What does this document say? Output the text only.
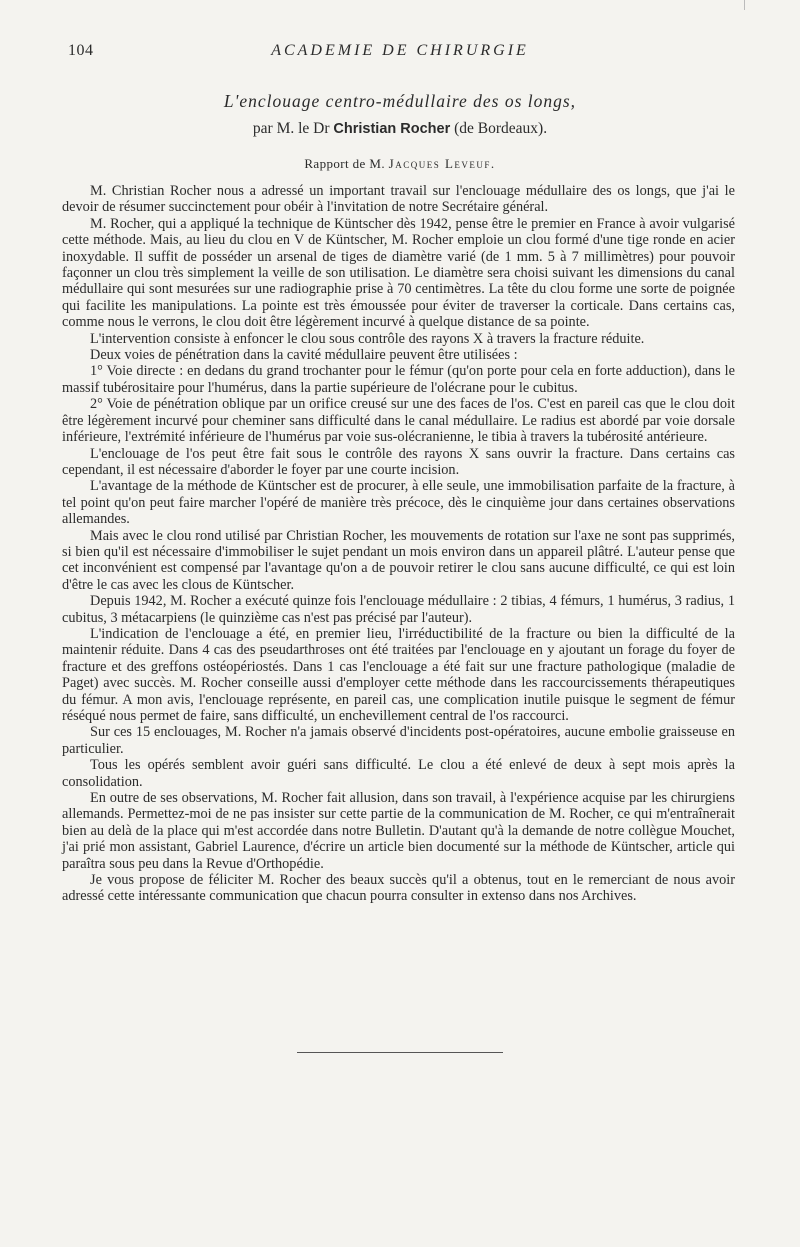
104	ACADEMIE DE CHIRURGIE
L'enclouage centro-médullaire des os longs,
par M. le Dr Christian Rocher (de Bordeaux).
Rapport de M. Jacques Leveuf.

M. Christian Rocher nous a adressé un important travail sur l'enclouage médullaire des os longs, que j'ai le devoir de résumer succinctement pour obéir à l'invitation de notre Secrétaire général.

M. Rocher, qui a appliqué la technique de Küntscher dès 1942, pense être le premier en France à avoir vulgarisé cette méthode. Mais, au lieu du clou en V de Küntscher, M. Rocher emploie un clou formé d'une tige ronde en acier inoxydable. Il suffit de posséder un arsenal de tiges de diamètre varié (de 1 mm. 5 à 7 millimètres) pour pouvoir façonner un clou très simplement la veille de son utilisation. Le diamètre sera choisi suivant les dimensions du canal médullaire qui sont mesurées sur une radiographie prise à 70 centimètres. La tête du clou forme une sorte de poignée qui facilite les manipulations. La pointe est très émoussée pour éviter de traverser la corticale. Dans certains cas, comme nous le verrons, le clou doit être légèrement incurvé à quelque distance de sa pointe.

L'intervention consiste à enfoncer le clou sous contrôle des rayons X à travers la fracture réduite.

Deux voies de pénétration dans la cavité médullaire peuvent être utilisées :

1° Voie directe : en dedans du grand trochanter pour le fémur (qu'on porte pour cela en forte adduction), dans le massif tubérositaire pour l'humérus, dans la partie supérieure de l'olécrane pour le cubitus.

2° Voie de pénétration oblique par un orifice creusé sur une des faces de l'os. C'est en pareil cas que le clou doit être légèrement incurvé pour cheminer sans difficulté dans le canal médullaire. Le radius est abordé par voie dorsale inférieure, l'extrémité inférieure de l'humérus par voie sus-olécranienne, le tibia à travers la tubérosité antérieure.

L'enclouage de l'os peut être fait sous le contrôle des rayons X sans ouvrir la fracture. Dans certains cas cependant, il est nécessaire d'aborder le foyer par une courte incision.

L'avantage de la méthode de Küntscher est de procurer, à elle seule, une immobilisation parfaite de la fracture, à tel point qu'on peut faire marcher l'opéré de manière très précoce, dès le cinquième jour dans certaines observations allemandes.

Mais avec le clou rond utilisé par Christian Rocher, les mouvements de rotation sur l'axe ne sont pas supprimés, si bien qu'il est nécessaire d'immobiliser le sujet pendant un mois environ dans un appareil plâtré. L'auteur pense que cet inconvénient est compensé par l'avantage qu'on a de pouvoir retirer le clou sans aucune difficulté, ce qui est loin d'être le cas avec les clous de Küntscher.

Depuis 1942, M. Rocher a exécuté quinze fois l'enclouage médullaire : 2 tibias, 4 fémurs, 1 humérus, 3 radius, 1 cubitus, 3 métacarpiens (le quinzième cas n'est pas précisé par l'auteur).

L'indication de l'enclouage a été, en premier lieu, l'irréductibilité de la fracture ou bien la difficulté de la maintenir réduite. Dans 4 cas des pseudarthroses ont été traitées par l'enclouage en y ajoutant un forage du foyer de fracture et des greffons ostéopériostés. Dans 1 cas l'enclouage a été fait sur une fracture pathologique (maladie de Paget) avec succès. M. Rocher conseille aussi d'employer cette méthode dans les raccourcissements thérapeutiques du fémur. A mon avis, l'enclouage représente, en pareil cas, une complication inutile puisque le segment de fémur réséqué nous permet de faire, sans difficulté, un enchevillement central de l'os raccourci.

Sur ces 15 enclouages, M. Rocher n'a jamais observé d'incidents post-opératoires, aucune embolie graisseuse en particulier.

Tous les opérés semblent avoir guéri sans difficulté. Le clou a été enlevé de deux à sept mois après la consolidation.

En outre de ses observations, M. Rocher fait allusion, dans son travail, à l'expérience acquise par les chirurgiens allemands. Permettez-moi de ne pas insister sur cette partie de la communication de M. Rocher, ce qui m'entraînerait bien au delà de la place qui m'est accordée dans notre Bulletin. D'autant qu'à la demande de notre collègue Mouchet, j'ai prié mon assistant, Gabriel Laurence, d'écrire un article bien documenté sur la méthode de Küntscher, article qui paraîtra sous peu dans la Revue d'Orthopédie.

Je vous propose de féliciter M. Rocher des beaux succès qu'il a obtenus, tout en le remerciant de nous avoir adressé cette intéressante communication que chacun pourra consulter in extenso dans nos Archives.
